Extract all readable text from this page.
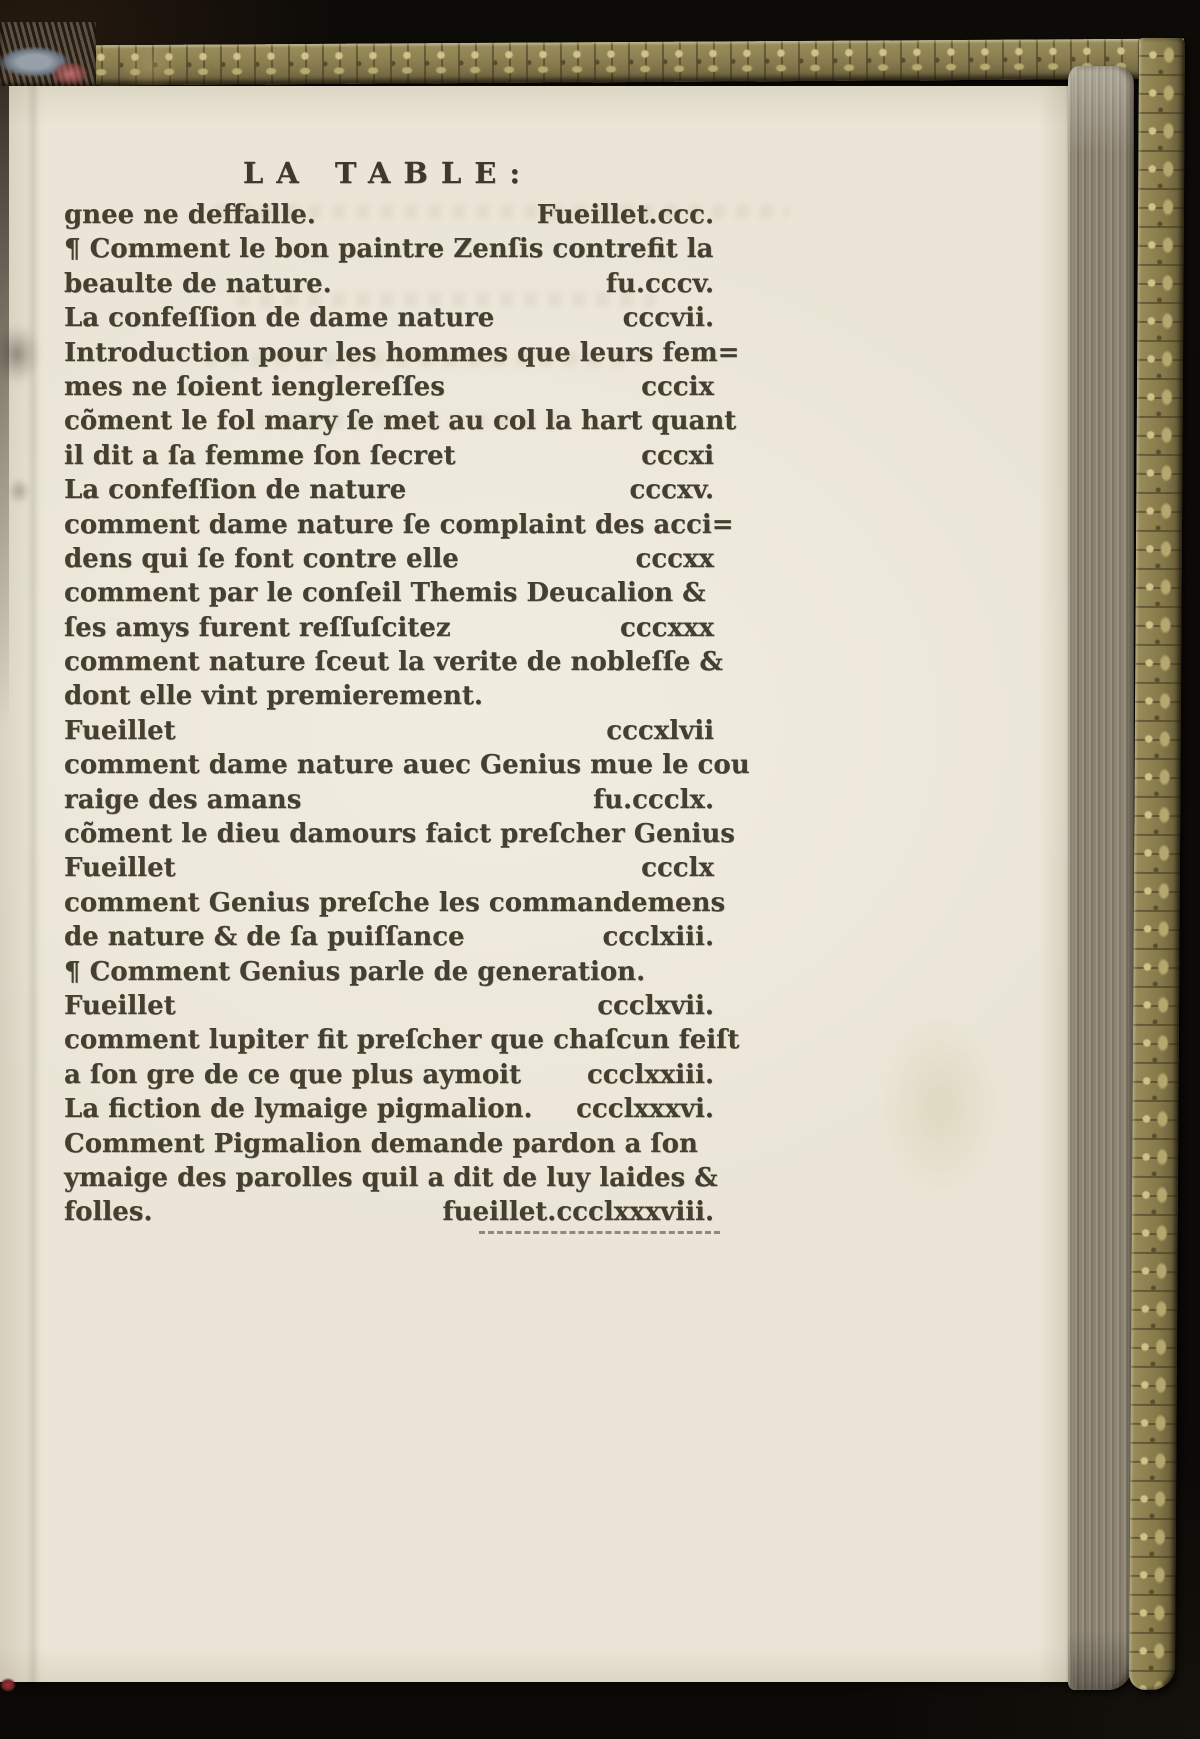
LA TABLE:
gnee ne deffaille.	Fueillet.ccc.
¶ Comment le bon paintre Zenſis contrefit la
beaulte de nature.	fu.cccv.
La confeſſion de dame nature	cccvii.
Introduction pour les hommes que leurs fem=
mes ne ſoient ienglereſſes	cccix
cõment le fol mary ſe met au col la hart quant
il dit a ſa femme ſon ſecret	cccxi
La confeſſion de nature	cccxv.
comment dame nature ſe complaint des acci=
dens qui ſe font contre elle	cccxx
comment par le conſeil Themis Deucalion &
ſes amys furent reſſuſcitez	cccxxx
comment nature ſceut la verite de nobleſſe &
dont elle vint premierement.
Fueillet	cccxlvii
comment dame nature auec Genius mue le cou
raige des amans	fu.ccclx.
cõment le dieu damours faict preſcher Genius
Fueillet	ccclx
comment Genius preſche les commandemens
de nature & de ſa puiſſance	ccclxiii.
¶ Comment Genius parle de generation.
Fueillet	ccclxvii.
comment lupiter fit preſcher que chaſcun feiſt
a ſon gre de ce que plus aymoit	ccclxxiii.
La fiction de lymaige pigmalion.	ccclxxxvi.
Comment Pigmalion demande pardon a ſon
ymaige des parolles quil a dit de luy laides &
folles.	fueillet.ccclxxxviii.
